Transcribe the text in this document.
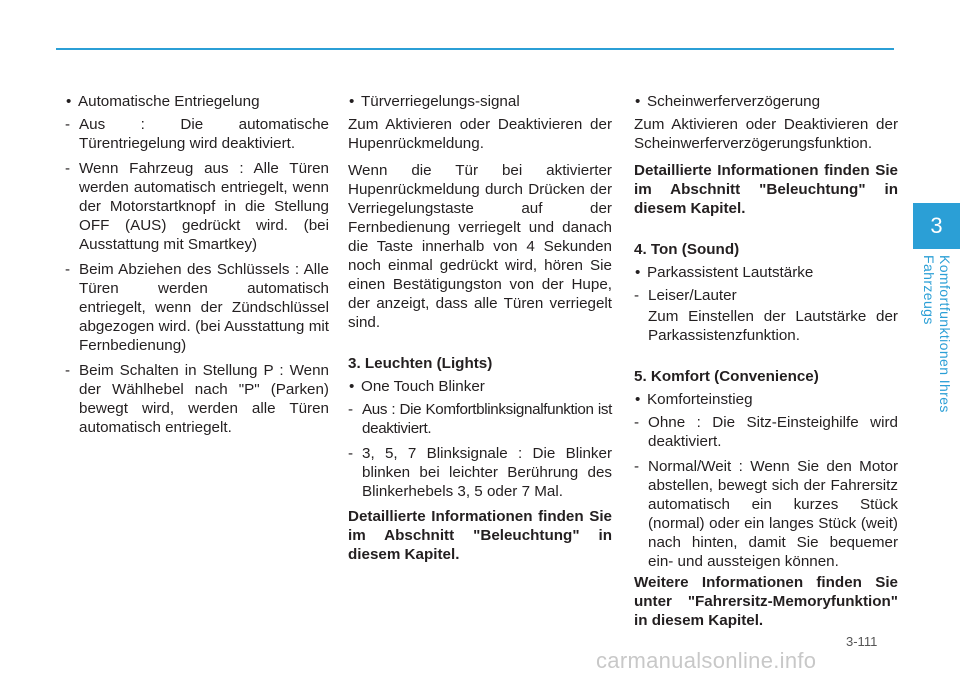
• Automatische Entriegelung
- Aus : Die automatische Türentriegelung wird deaktiviert.
- Wenn Fahrzeug aus : Alle Türen werden automatisch entriegelt, wenn der Motorstartknopf in die Stellung OFF (AUS) gedrückt wird. (bei Ausstattung mit Smartkey)
- Beim Abziehen des Schlüssels : Alle Türen werden automatisch entriegelt, wenn der Zündschlüssel abgezogen wird. (bei Ausstattung mit Fernbedienung)
- Beim Schalten in Stellung P : Wenn der Wählhebel nach "P" (Parken) bewegt wird, werden alle Türen automatisch entriegelt.
• Türverriegelungs-signal
Zum Aktivieren oder Deaktivieren der Hupenrückmeldung.
Wenn die Tür bei aktivierter Hupenrückmeldung durch Drücken der Verriegelungstaste auf der Fernbedienung verriegelt und danach die Taste innerhalb von 4 Sekunden noch einmal gedrückt wird, hören Sie einen Bestätigungston von der Hupe, der anzeigt, dass alle Türen verriegelt sind.
3. Leuchten (Lights)
• One Touch Blinker
- Aus : Die Komfortblinksignalfunktion ist deaktiviert.
- 3, 5, 7 Blinksignale : Die Blinker blinken bei leichter Berührung des Blinkerhebels 3, 5 oder 7 Mal.
Detaillierte Informationen finden Sie im Abschnitt "Beleuchtung" in diesem Kapitel.
• Scheinwerferverzögerung
Zum Aktivieren oder Deaktivieren der Scheinwerferverzögerungsfunktion.
Detaillierte Informationen finden Sie im Abschnitt "Beleuchtung" in diesem Kapitel.
4. Ton (Sound)
• Parkassistent Lautstärke
- Leiser/Lauter
Zum Einstellen der Lautstärke der Parkassistenzfunktion.
5. Komfort (Convenience)
• Komforteinstieg
- Ohne : Die Sitz-Einsteighilfe wird deaktiviert.
- Normal/Weit : Wenn Sie den Motor abstellen, bewegt sich der Fahrersitz automatisch ein kurzes Stück (normal) oder ein langes Stück (weit) nach hinten, damit Sie bequemer ein- und aussteigen können.
Weitere Informationen finden Sie unter "Fahrersitz-Memoryfunktion" in diesem Kapitel.
3
Komfortfunktionen Ihres Fahrzeugs
3-111
carmanualsonline.info
